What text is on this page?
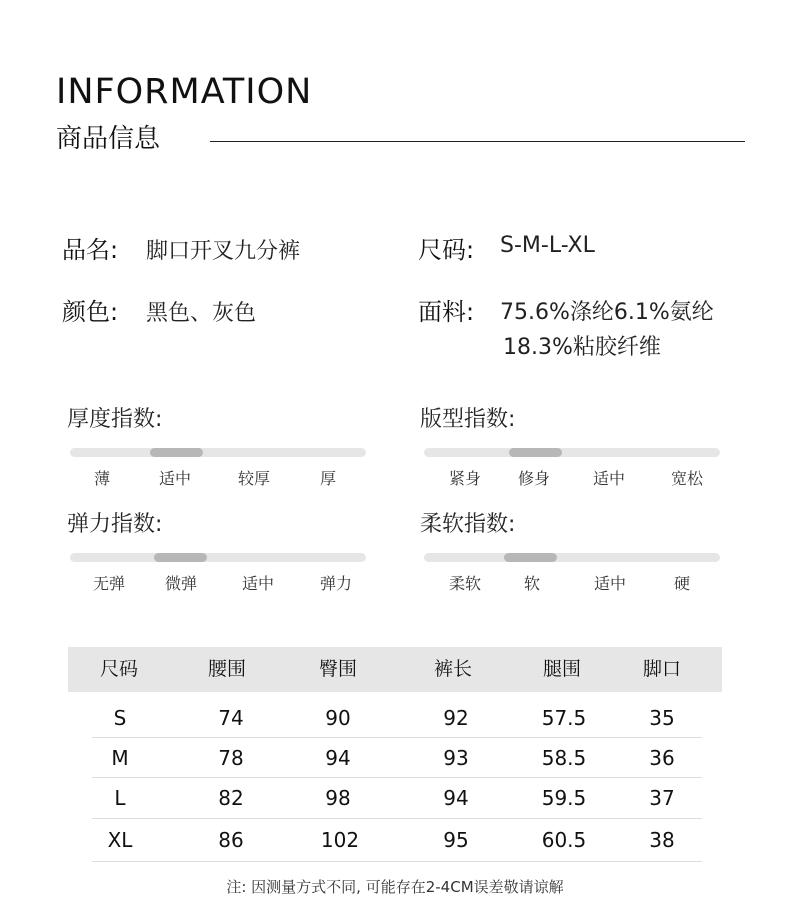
INFORMATION
商品信息
品名: 脚口开叉九分裤	尺码: S-M-L-XL
颜色: 黑色、灰色	面料: 75.6%涤纶6.1%氨纶
18.3%粘胶纤维
厚度指数:
薄	适中	较厚	厚
版型指数:
紧身	修身	适中	宽松
弹力指数:
无弹	微弹	适中	弹力
柔软指数:
柔软	软	适中	硬
尺码	腰围	臀围	裤长	腿围	脚口
S	74	90	92	57.5	35
M	78	94	93	58.5	36
L	82	98	94	59.5	37
XL	86	102	95	60.5	38
注: 因测量方式不同, 可能存在2-4CM误差敬请谅解
